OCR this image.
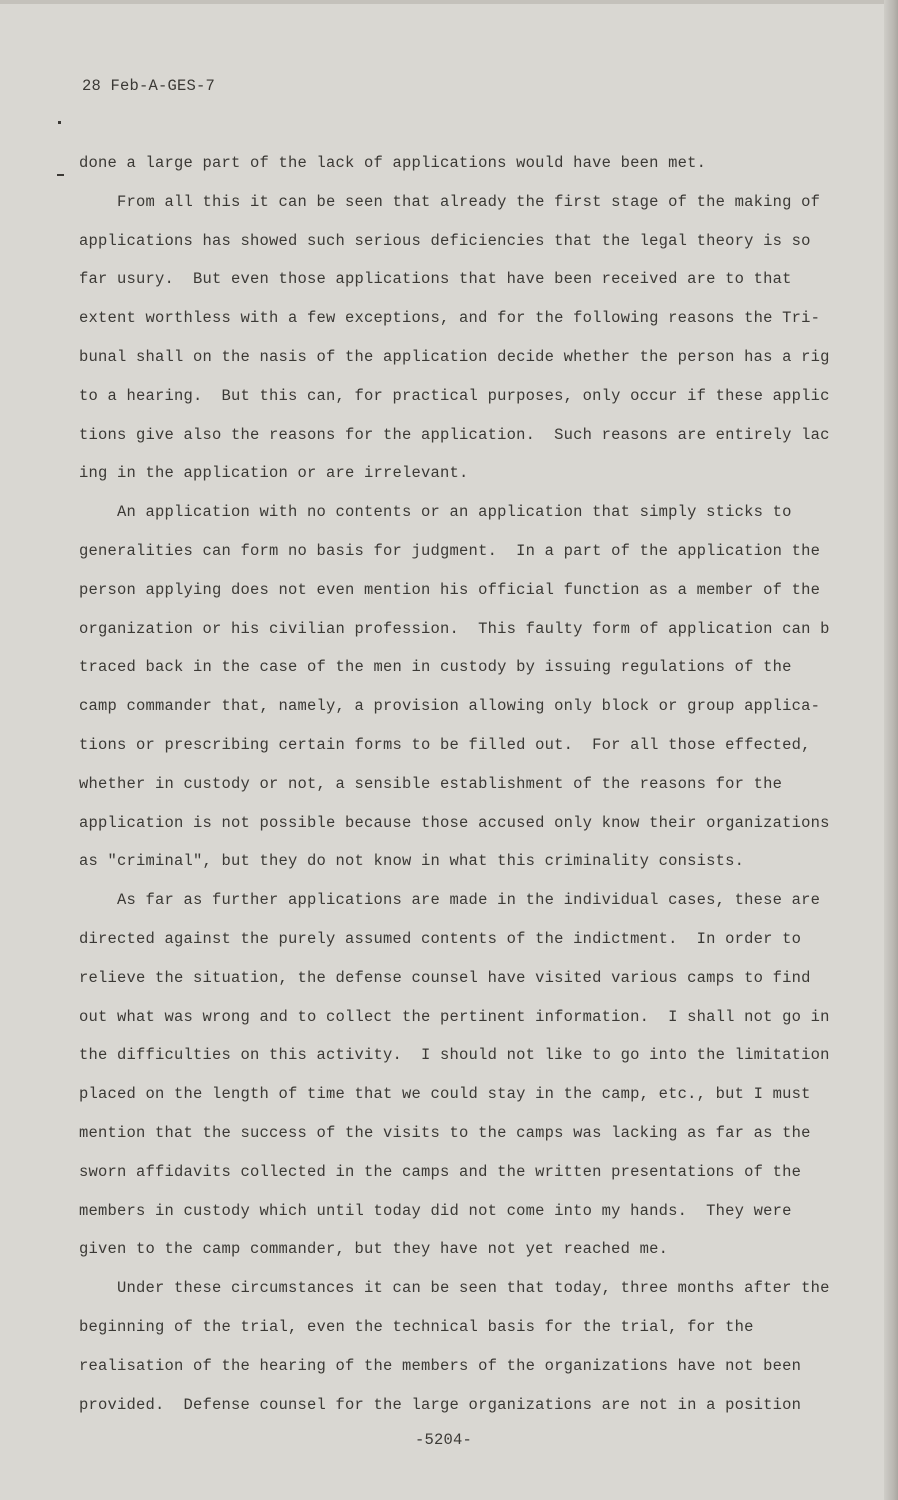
28 Feb-A-GES-7

done a large part of the lack of applications would have been met.

From all this it can be seen that already the first stage of the making of

applications has showed such serious deficiencies that the legal theory is so

far usury.  But even those applications that have been received are to that

extent worthless with a few exceptions, and for the following reasons the Tri-

bunal shall on the nasis of the application decide whether the person has a rig

to a hearing.  But this can, for practical purposes, only occur if these applic

tions give also the reasons for the application.  Such reasons are entirely lac

ing in the application or are irrelevant.

An application with no contents or an application that simply sticks to

generalities can form no basis for judgment.  In a part of the application the

person applying does not even mention his official function as a member of the

organization or his civilian profession.  This faulty form of application can b

traced back in the case of the men in custody by issuing regulations of the

camp commander that, namely, a provision allowing only block or group applica-

tions or prescribing certain forms to be filled out.  For all those effected,

whether in custody or not, a sensible establishment of the reasons for the

application is not possible because those accused only know their organizations

as "criminal", but they do not know in what this criminality consists.

As far as further applications are made in the individual cases, these are

directed against the purely assumed contents of the indictment.  In order to

relieve the situation, the defense counsel have visited various camps to find

out what was wrong and to collect the pertinent information.  I shall not go in

the difficulties on this activity.  I should not like to go into the limitation

placed on the length of time that we could stay in the camp, etc., but I must

mention that the success of the visits to the camps was lacking as far as the

sworn affidavits collected in the camps and the written presentations of the

members in custody which until today did not come into my hands.  They were

given to the camp commander, but they have not yet reached me.

Under these circumstances it can be seen that today, three months after the

beginning of the trial, even the technical basis for the trial, for the

realisation of the hearing of the members of the organizations have not been

provided.  Defense counsel for the large organizations are not in a position

-5204-
